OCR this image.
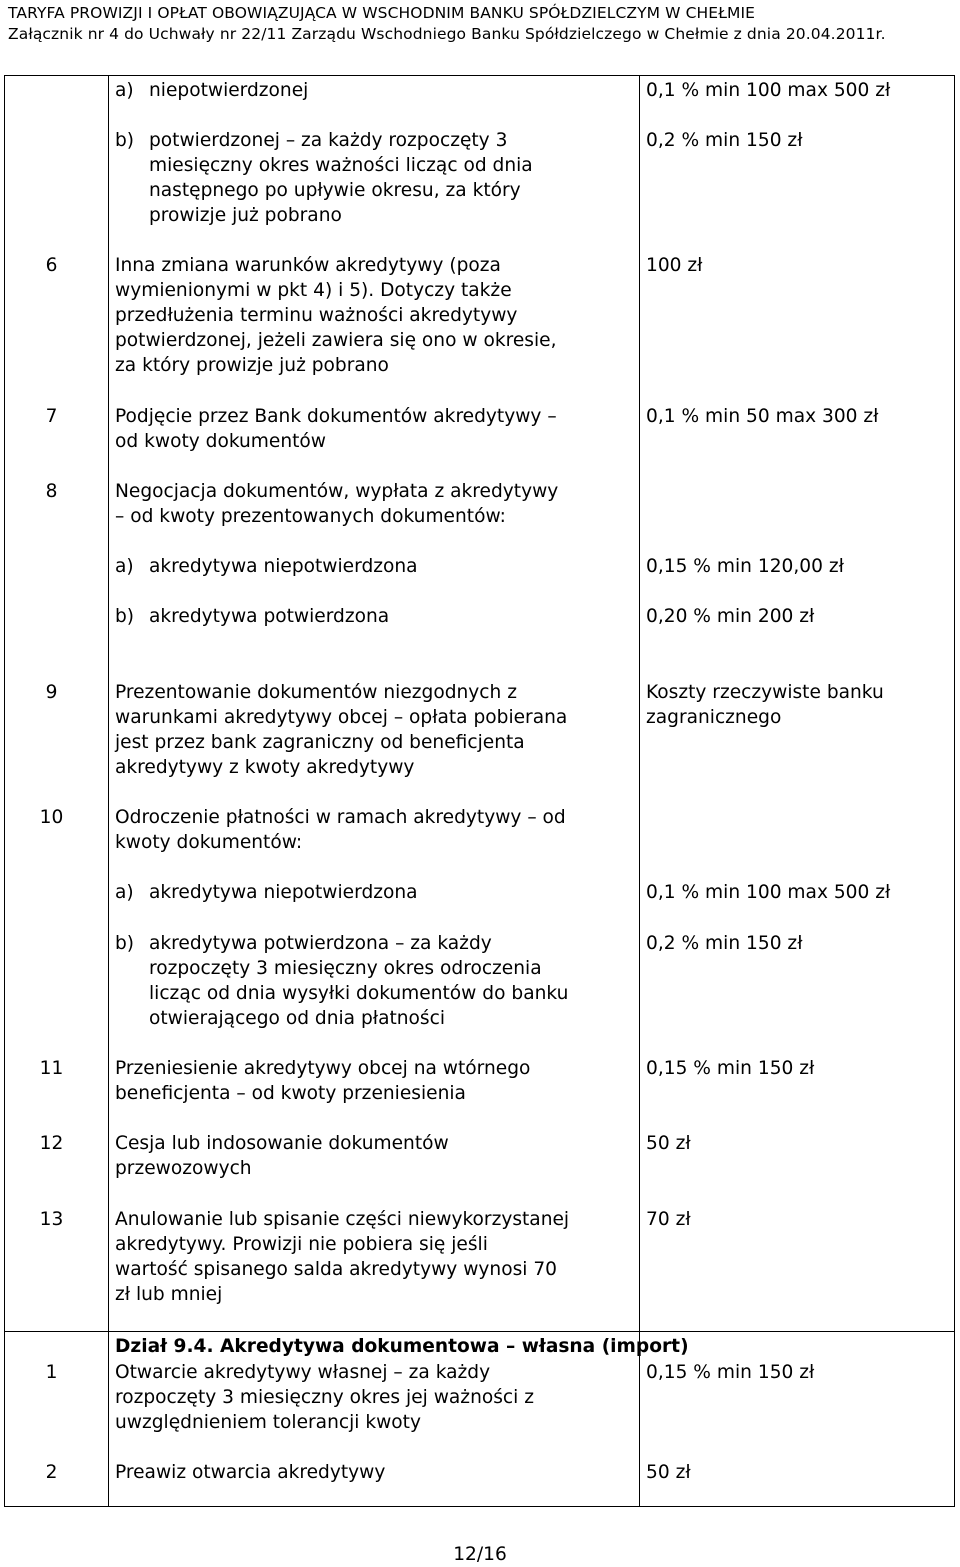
TARYFA PROWIZJI I OPŁAT OBOWIĄZUJĄCA W WSCHODNIM BANKU SPÓŁDZIELCZYM W CHEŁMIE
Załącznik nr 4 do Uchwały nr 22/11 Zarządu Wschodniego Banku Spółdzielczego w Chełmie z dnia 20.04.2011r.
a) niepotwierdzonej	0,1 % min 100 max 500 zł
b) potwierdzonej – za każdy rozpoczęty 3
miesięczny okres ważności licząc od dnia
następnego po upływie okresu, za który
prowizje już pobrano
0,2 % min 150 zł
6	Inna zmiana warunków akredytywy (poza
wymienionymi w pkt 4) i 5). Dotyczy także
przedłużenia terminu ważności akredytywy
potwierdzonej, jeżeli zawiera się ono w okresie,
za który prowizje już pobrano
100 zł
7	Podjęcie przez Bank dokumentów akredytywy –
od kwoty dokumentów
0,1 % min 50 max 300 zł
8	Negocjacja dokumentów, wypłata z akredytywy
– od kwoty prezentowanych dokumentów:
a) akredytywa niepotwierdzona	0,15 % min 120,00 zł
b) akredytywa potwierdzona	0,20 % min 200 zł
9	Prezentowanie dokumentów niezgodnych z
warunkami akredytywy obcej – opłata pobierana
jest przez bank zagraniczny od beneficjenta
akredytywy z kwoty akredytywy
Koszty rzeczywiste banku
zagranicznego
10	Odroczenie płatności w ramach akredytywy – od
kwoty dokumentów:
a) akredytywa niepotwierdzona	0,1 % min 100 max 500 zł
b) akredytywa potwierdzona – za każdy
rozpoczęty 3 miesięczny okres odroczenia
licząc od dnia wysyłki dokumentów do banku
otwierającego od dnia płatności
0,2 % min 150 zł
11	Przeniesienie akredytywy obcej na wtórnego
beneficjenta – od kwoty przeniesienia
0,15 % min 150 zł
12	Cesja lub indosowanie dokumentów
przewozowych
50 zł
13	Anulowanie lub spisanie części niewykorzystanej
akredytywy. Prowizji nie pobiera się jeśli
wartość spisanego salda akredytywy wynosi 70
zł lub mniej
70 zł
Dział 9.4. Akredytywa dokumentowa – własna (import)
1	Otwarcie akredytywy własnej – za każdy
rozpoczęty 3 miesięczny okres jej ważności z
uwzględnieniem tolerancji kwoty
0,15 % min 150 zł
2	Preawiz otwarcia akredytywy	50 zł
12/16
